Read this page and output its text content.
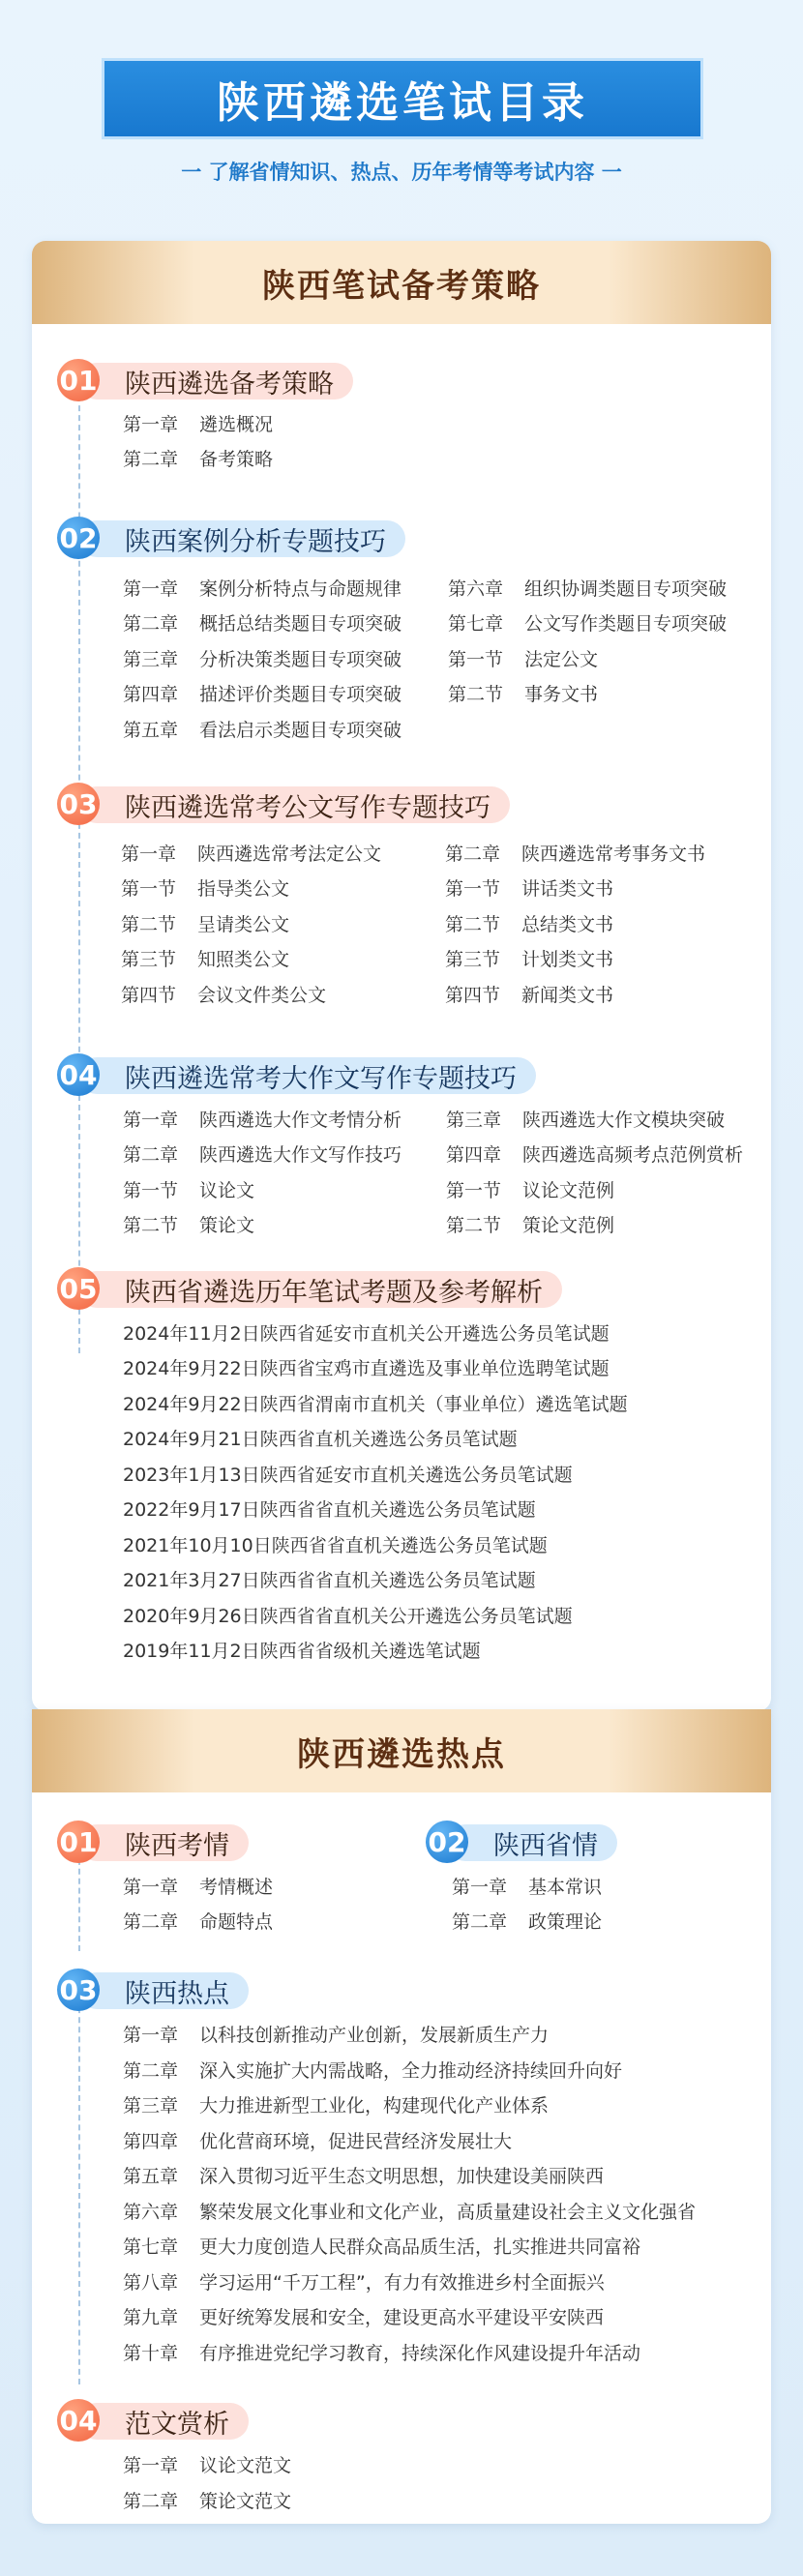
陕西遴选笔试目录
一 了解省情知识、热点、历年考情等考试内容 一
陕西笔试备考策略
01	陕西遴选备考策略
第一章 遴选概况
第二章 备考策略
02	陕西案例分析专题技巧
第一章 案例分析特点与命题规律
第二章 概括总结类题目专项突破
第三章 分析决策类题目专项突破
第四章 描述评价类题目专项突破
第五章 看法启示类题目专项突破
第六章 组织协调类题目专项突破
第七章 公文写作类题目专项突破
第一节 法定公文
第二节 事务文书
03	陕西遴选常考公文写作专题技巧
第一章 陕西遴选常考法定公文
第一节 指导类公文
第二节 呈请类公文
第三节 知照类公文
第四节 会议文件类公文
第二章 陕西遴选常考事务文书
第一节 讲话类文书
第二节 总结类文书
第三节 计划类文书
第四节 新闻类文书
04	陕西遴选常考大作文写作专题技巧
第一章 陕西遴选大作文考情分析
第二章 陕西遴选大作文写作技巧
第一节 议论文
第二节 策论文
第三章 陕西遴选大作文模块突破
第四章 陕西遴选高频考点范例赏析
第一节 议论文范例
第二节 策论文范例
05	陕西省遴选历年笔试考题及参考解析
2024年11月2日陕西省延安市直机关公开遴选公务员笔试题
2024年9月22日陕西省宝鸡市直遴选及事业单位选聘笔试题
2024年9月22日陕西省渭南市直机关（事业单位）遴选笔试题
2024年9月21日陕西省直机关遴选公务员笔试题
2023年1月13日陕西省延安市直机关遴选公务员笔试题
2022年9月17日陕西省省直机关遴选公务员笔试题
2021年10月10日陕西省省直机关遴选公务员笔试题
2021年3月27日陕西省省直机关遴选公务员笔试题
2020年9月26日陕西省省直机关公开遴选公务员笔试题
2019年11月2日陕西省省级机关遴选笔试题
陕西遴选热点
01	陕西考情
第一章 考情概述
第二章 命题特点
02	陕西省情
第一章 基本常识
第二章 政策理论
03	陕西热点
第一章 以科技创新推动产业创新，发展新质生产力
第二章 深入实施扩大内需战略，全力推动经济持续回升向好
第三章 大力推进新型工业化，构建现代化产业体系
第四章 优化营商环境，促进民营经济发展壮大
第五章 深入贯彻习近平生态文明思想，加快建设美丽陕西
第六章 繁荣发展文化事业和文化产业，高质量建设社会主义文化强省
第七章 更大力度创造人民群众高品质生活，扎实推进共同富裕
第八章 学习运用“千万工程”，有力有效推进乡村全面振兴
第九章 更好统筹发展和安全，建设更高水平建设平安陕西
第十章 有序推进党纪学习教育，持续深化作风建设提升年活动
04	范文赏析
第一章 议论文范文
第二章 策论文范文
